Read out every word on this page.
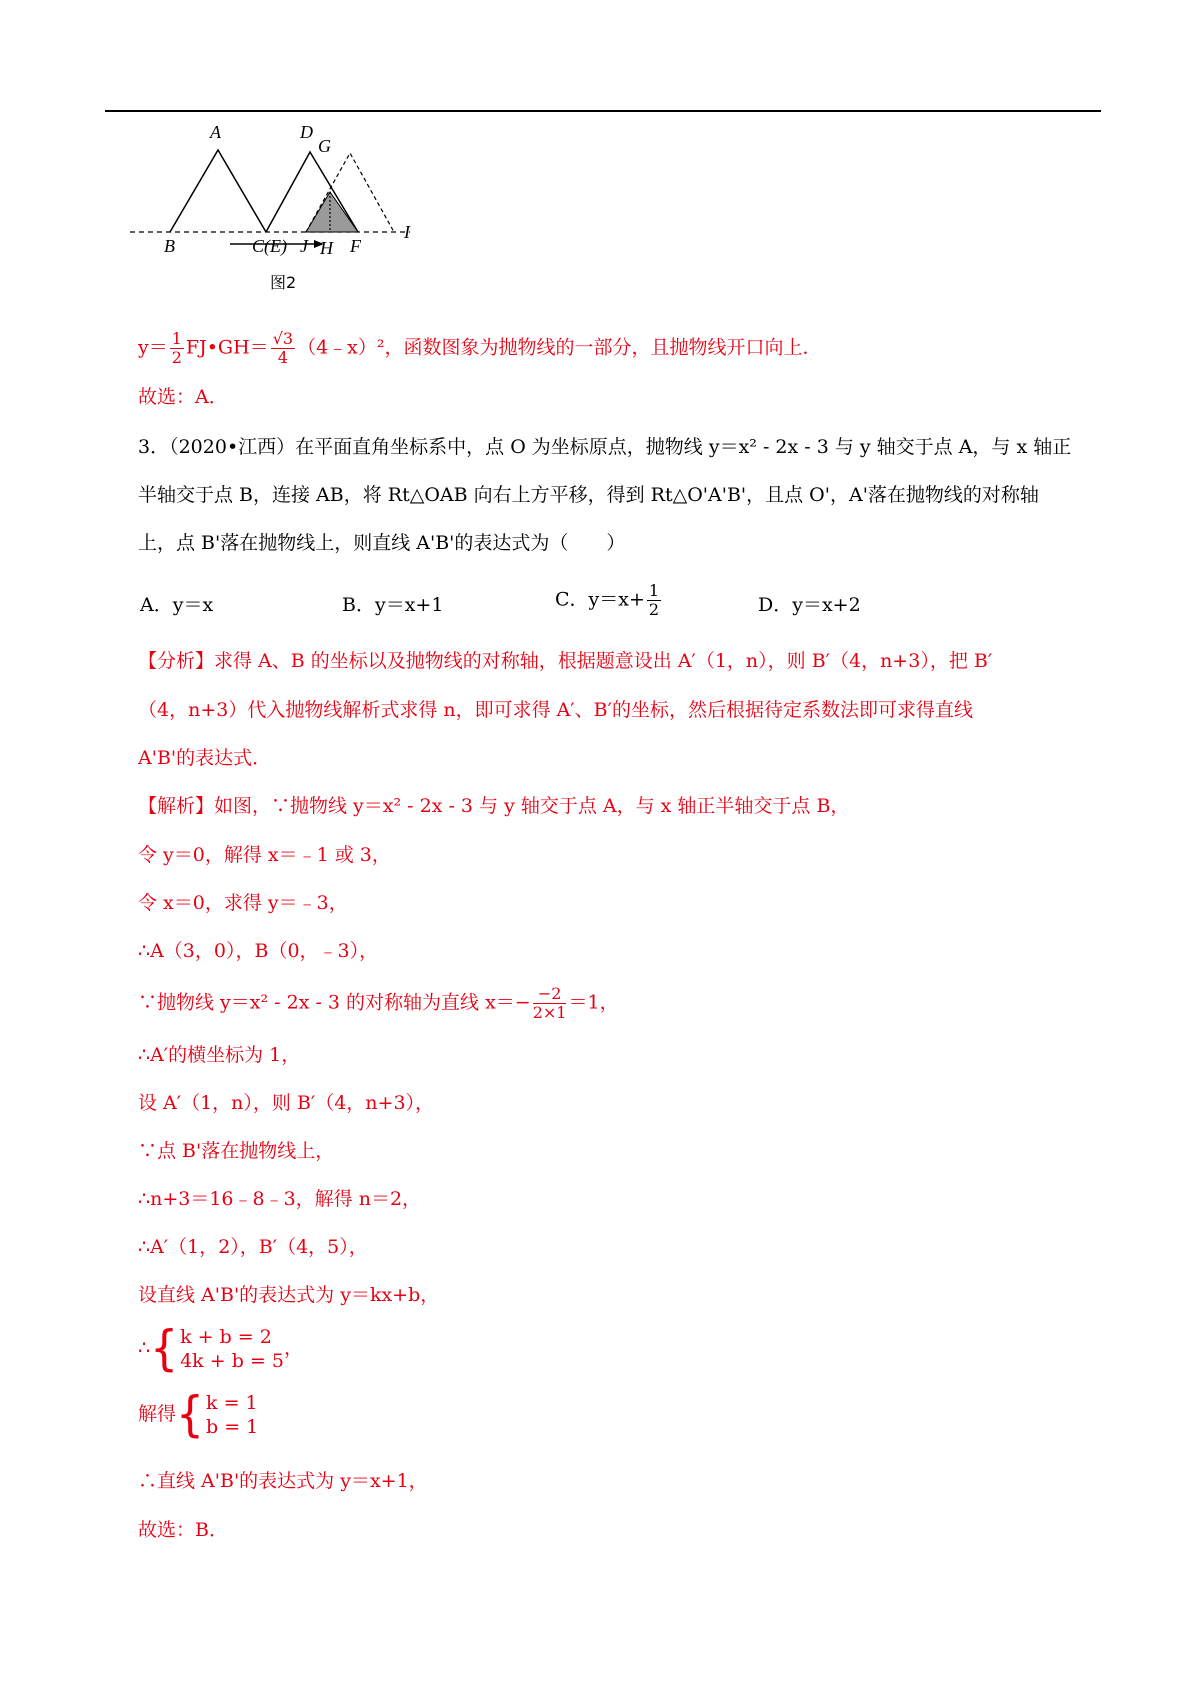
A	D
G
B	C(E) J H F
I
图2
$y= \frac{1}{2}$ FJ•GH＝ $\frac{√3}{4}$ （4﹣x）²，函数图象为抛物线的一部分，且抛物线开口向上．
故选：A．
3．（2020•江西）在平面直角坐标系中，点 O 为坐标原点，抛物线 y＝x² - 2x - 3 与 y 轴交于点 A，与 x 轴正
半轴交于点 B，连接 AB，将 Rt△OAB 向右上方平移，得到 Rt△O'A'B'，且点 O'，A'落在抛物线的对称轴
上，点 B'落在抛物线上，则直线 A'B'的表达式为（　　）
A．y＝x	B．y＝x+1	C．$y=x+ \frac{1}{2}$	D．y＝x+2
【分析】求得 A、B 的坐标以及抛物线的对称轴，根据题意设出 A′（1，n），则 B′（4，n+3），把 B′
（4，n+3）代入抛物线解析式求得 n，即可求得 A′、B′的坐标，然后根据待定系数法即可求得直线
A'B'的表达式．
【解析】如图，∵抛物线 y＝x² - 2x - 3 与 y 轴交于点 A，与 x 轴正半轴交于点 B，
令 y＝0，解得 x＝﹣1 或 3，
令 x＝0，求得 y＝﹣3，
∴A（3，0），B（0，﹣3），
∵抛物线 y＝x² - 2x - 3 的对称轴为直线 $x=- \frac{-2}{2\times 1} =1$，
∴A′的横坐标为 1，
设 A′（1，n），则 B′（4，n+3），
∵点 B'落在抛物线上，
∴n+3＝16﹣8﹣3，解得 n＝2，
∴A′（1，2），B′（4，5），
设直线 A'B'的表达式为 y＝kx+b，
∴{ k + b = 2
4k + b = 5
，
解得{ k = 1
b = 1
∴直线 A'B'的表达式为 y＝x+1，
故选：B．
